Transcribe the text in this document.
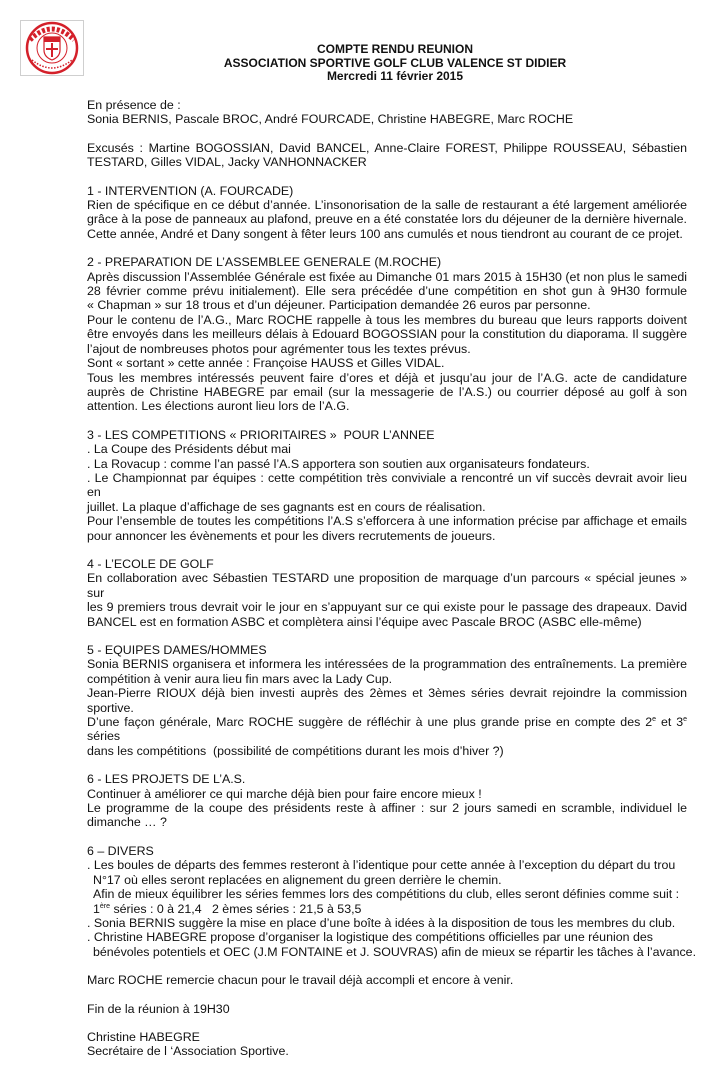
COMPTE RENDU REUNION
ASSOCIATION SPORTIVE GOLF CLUB VALENCE ST DIDIER
Mercredi 11 février 2015
En présence de :
Sonia BERNIS, Pascale BROC, André FOURCADE, Christine HABEGRE, Marc ROCHE
Excusés : Martine BOGOSSIAN, David BANCEL, Anne-Claire FOREST, Philippe ROUSSEAU, Sébastien
TESTARD, Gilles VIDAL, Jacky VANHONNACKER
1 - INTERVENTION (A. FOURCADE)
Rien de spécifique en ce début d’année. L’insonorisation de la salle de restaurant a été largement améliorée
grâce à la pose de panneaux au plafond, preuve en a été constatée lors du déjeuner de la dernière hivernale.
Cette année, André et Dany songent à fêter leurs 100 ans cumulés et nous tiendront au courant de ce projet.
2 - PREPARATION DE L’ASSEMBLEE GENERALE (M.ROCHE)
Après discussion l’Assemblée Générale est fixée au Dimanche 01 mars 2015 à 15H30 (et non plus le samedi
28 février comme prévu initialement). Elle sera précédée d’une compétition en shot gun à 9H30 formule
« Chapman » sur 18 trous et d’un déjeuner. Participation demandée 26 euros par personne.
Pour le contenu de l’A.G., Marc ROCHE rappelle à tous les membres du bureau que leurs rapports doivent
être envoyés dans les meilleurs délais à Edouard BOGOSSIAN pour la constitution du diaporama. Il suggère
l’ajout de nombreuses photos pour agrémenter tous les textes prévus.
Sont « sortant » cette année : Françoise HAUSS et Gilles VIDAL.
Tous les membres intéressés peuvent faire d’ores et déjà et jusqu’au jour de l’A.G. acte de candidature
auprès de Christine HABEGRE par email (sur la messagerie de l’A.S.) ou courrier déposé au golf à son
attention. Les élections auront lieu lors de l’A.G.
3 - LES COMPETITIONS « PRIORITAIRES »  POUR L’ANNEE
. La Coupe des Présidents début mai
. La Rovacup : comme l’an passé l’A.S apportera son soutien aux organisateurs fondateurs.
. Le Championnat par équipes : cette compétition très conviviale a rencontré un vif succès devrait avoir lieu en
juillet. La plaque d’affichage de ses gagnants est en cours de réalisation.
Pour l’ensemble de toutes les compétitions l’A.S s’efforcera à une information précise par affichage et emails
pour annoncer les évènements et pour les divers recrutements de joueurs.
4 - L’ECOLE DE GOLF
En collaboration avec Sébastien TESTARD une proposition de marquage d’un parcours « spécial jeunes » sur
les 9 premiers trous devrait voir le jour en s’appuyant sur ce qui existe pour le passage des drapeaux. David
BANCEL est en formation ASBC et complètera ainsi l’équipe avec Pascale BROC (ASBC elle-même)
5 - EQUIPES DAMES/HOMMES
Sonia BERNIS organisera et informera les intéressées de la programmation des entraînements. La première
compétition à venir aura lieu fin mars avec la Lady Cup.
Jean-Pierre RIOUX déjà bien investi auprès des 2èmes et 3èmes séries devrait rejoindre la commission
sportive.
D’une façon générale, Marc ROCHE suggère de réfléchir à une plus grande prise en compte des 2e et 3e séries
dans les compétitions  (possibilité de compétitions durant les mois d’hiver ?)
6 - LES PROJETS DE L’A.S.
Continuer à améliorer ce qui marche déjà bien pour faire encore mieux !
Le programme de la coupe des présidents reste à affiner : sur 2 jours samedi en scramble, individuel le
dimanche … ?
6 – DIVERS
. Les boules de départs des femmes resteront à l’identique pour cette année à l’exception du départ du trou
N°17 où elles seront replacées en alignement du green derrière le chemin.
Afin de mieux équilibrer les séries femmes lors des compétitions du club, elles seront définies comme suit :
1ère séries : 0 à 21,4   2 èmes séries : 21,5 à 53,5
. Sonia BERNIS suggère la mise en place d’une boîte à idées à la disposition de tous les membres du club.
. Christine HABEGRE propose d’organiser la logistique des compétitions officielles par une réunion des
bénévoles potentiels et OEC (J.M FONTAINE et J. SOUVRAS) afin de mieux se répartir les tâches à l’avance.
Marc ROCHE remercie chacun pour le travail déjà accompli et encore à venir.
Fin de la réunion à 19H30
Christine HABEGRE
Secrétaire de l ‘Association Sportive.
